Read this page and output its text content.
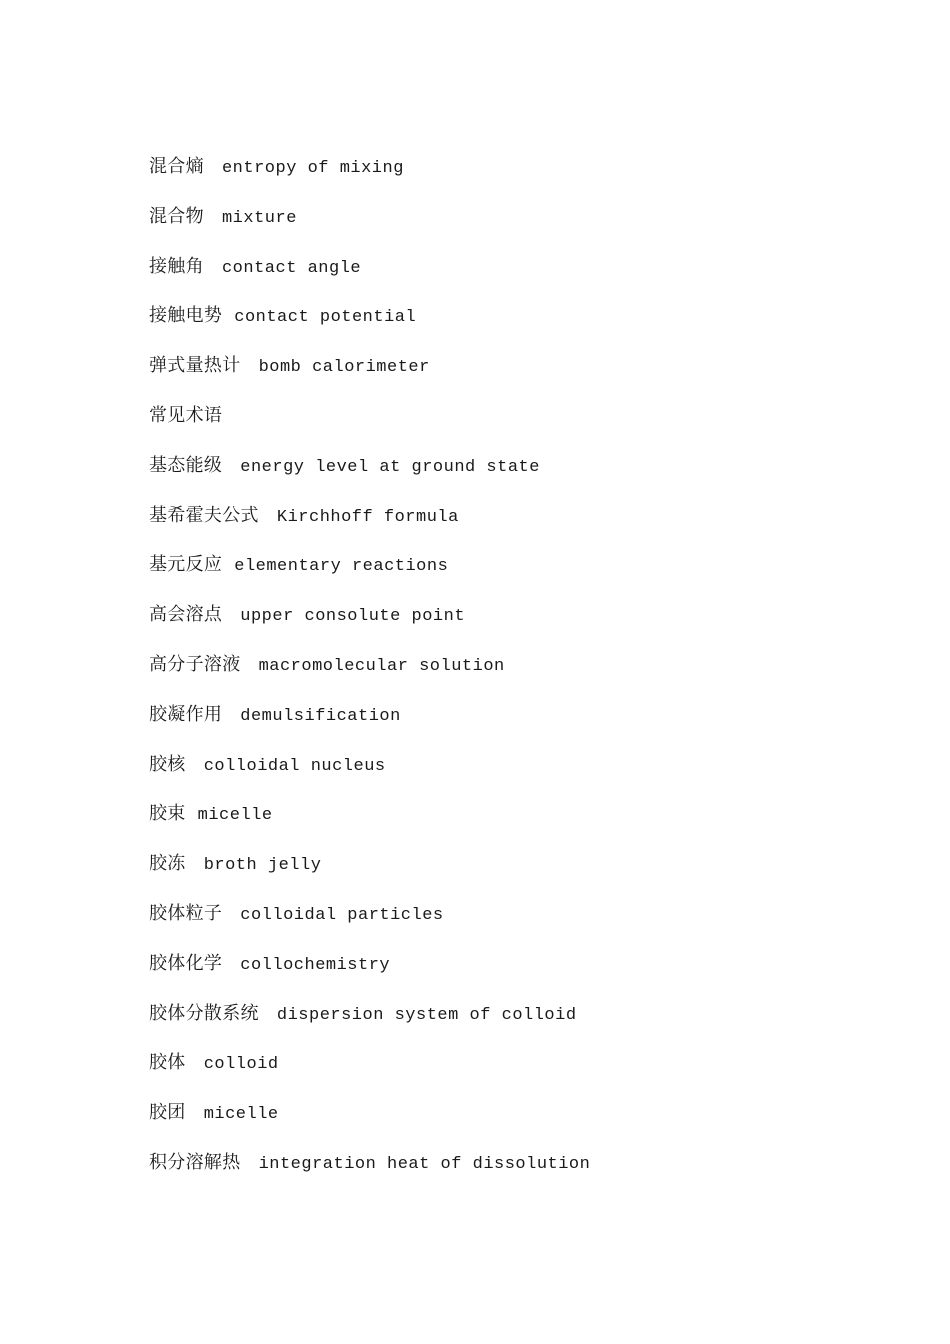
混合熵 entropy of mixing
混合物 mixture
接触角 contact angle
接触电势 contact potential
弹式量热计 bomb calorimeter
常见术语
基态能级 energy level at ground state
基希霍夫公式 Kirchhoff formula
基元反应 elementary reactions
高会溶点 upper consolute point
高分子溶液 macromolecular solution
胶凝作用 demulsification
胶核 colloidal nucleus
胶束 micelle
胶冻 broth jelly
胶体粒子 colloidal particles
胶体化学 collochemistry
胶体分散系统 dispersion system of colloid
胶体 colloid
胶团 micelle
积分溶解热 integration heat of dissolution
